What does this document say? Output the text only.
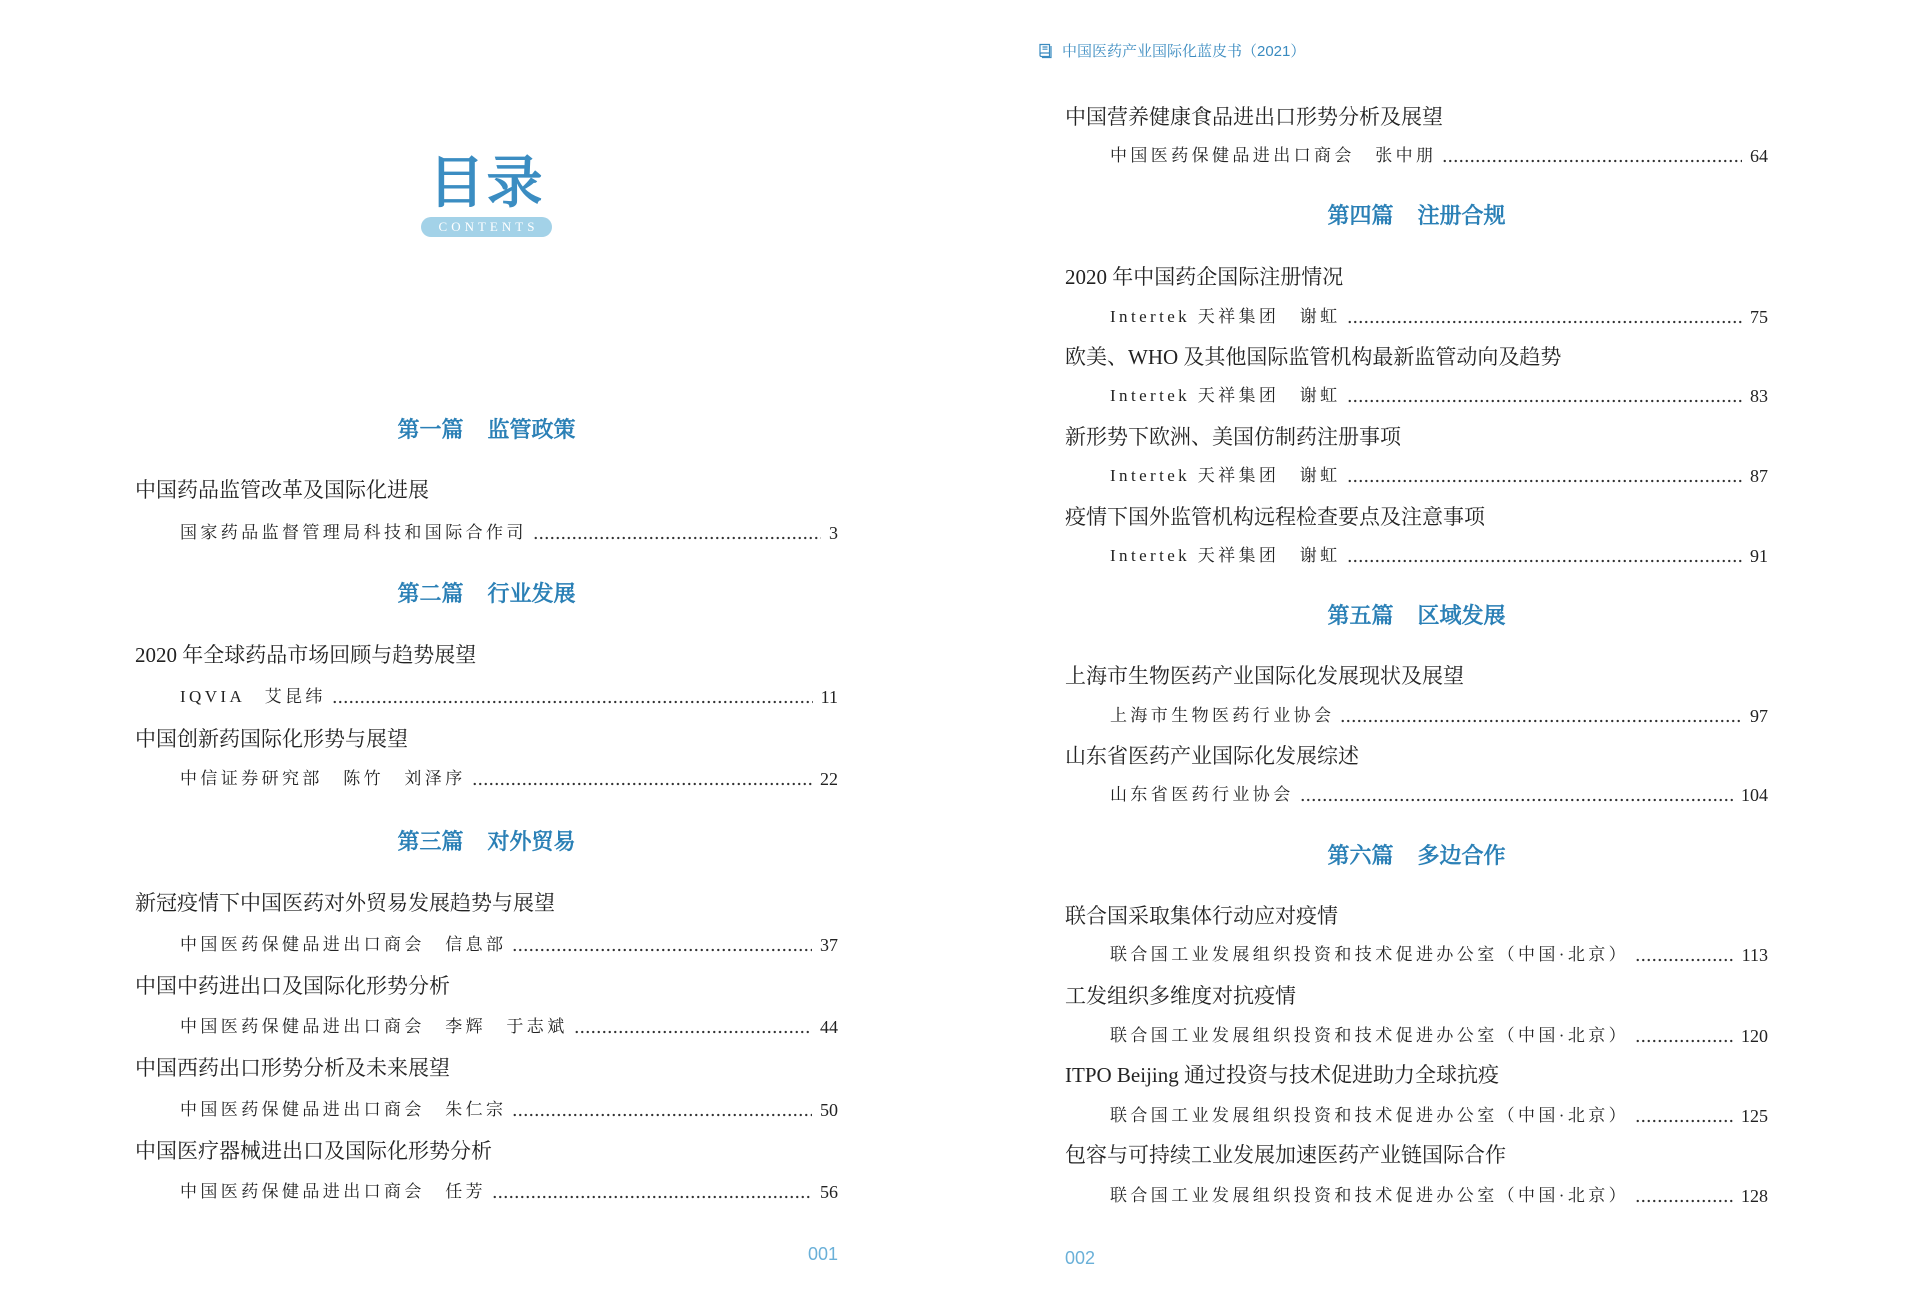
目录
CONTENTS
第一篇 监管政策
中国药品监管改革及国际化进展
国家药品监督管理局科技和国际合作司	3
第二篇 行业发展
2020 年全球药品市场回顾与趋势展望
IQVIA　艾昆纬	11
中国创新药国际化形势与展望
中信证券研究部　陈竹　刘泽序	22
第三篇 对外贸易
新冠疫情下中国医药对外贸易发展趋势与展望
中国医药保健品进出口商会　信息部	37
中国中药进出口及国际化形势分析
中国医药保健品进出口商会　李辉　于志斌	44
中国西药出口形势分析及未来展望
中国医药保健品进出口商会　朱仁宗	50
中国医疗器械进出口及国际化形势分析
中国医药保健品进出口商会　任芳	56
001
中国医药产业国际化蓝皮书（2021）
中国营养健康食品进出口形势分析及展望
中国医药保健品进出口商会　张中朋	64
第四篇 注册合规
2020 年中国药企国际注册情况
Intertek 天祥集团　谢虹	75
欧美、WHO 及其他国际监管机构最新监管动向及趋势
Intertek 天祥集团　谢虹	83
新形势下欧洲、美国仿制药注册事项
Intertek 天祥集团　谢虹	87
疫情下国外监管机构远程检查要点及注意事项
Intertek 天祥集团　谢虹	91
第五篇 区域发展
上海市生物医药产业国际化发展现状及展望
上海市生物医药行业协会	97
山东省医药产业国际化发展综述
山东省医药行业协会	104
第六篇 多边合作
联合国采取集体行动应对疫情
联合国工业发展组织投资和技术促进办公室（中国·北京）	113
工发组织多维度对抗疫情
联合国工业发展组织投资和技术促进办公室（中国·北京）	120
ITPO Beijing 通过投资与技术促进助力全球抗疫
联合国工业发展组织投资和技术促进办公室（中国·北京）	125
包容与可持续工业发展加速医药产业链国际合作
联合国工业发展组织投资和技术促进办公室（中国·北京）	128
002
